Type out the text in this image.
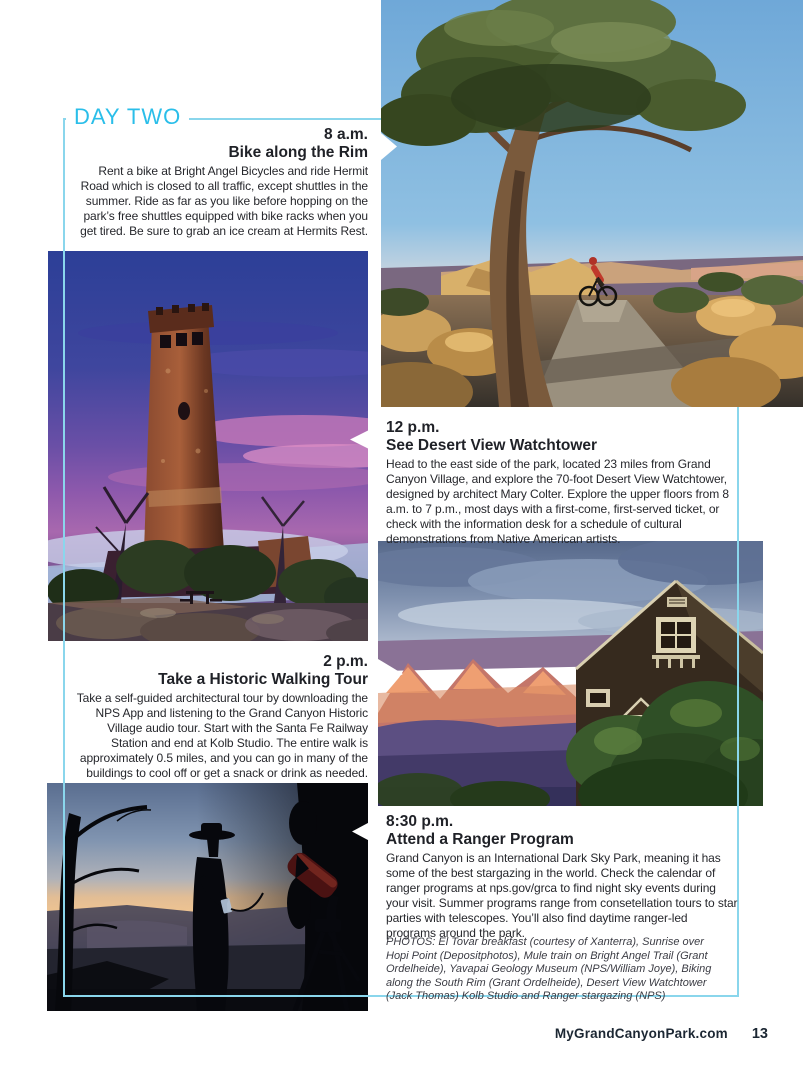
DAY TWO
8 a.m.
Bike along the Rim
Rent a bike at Bright Angel Bicycles and ride Hermit Road which is closed to all traffic, except shuttles in the summer. Ride as far as you like before hopping on the park’s free shuttles equipped with bike racks when you get tired. Be sure to grab an ice cream at Hermits Rest.
12 p.m.
See Desert View Watchtower
Head to the east side of the park, located 23 miles from Grand Canyon Village, and explore the 70-foot Desert View Watchtower, designed by architect Mary Colter. Explore the upper floors from 8 a.m. to 7 p.m., most days with a first-come, first-served ticket, or check with the information desk for a schedule of cultural demonstrations from Native American artists.
2 p.m.
Take a Historic Walking Tour
Take a self-guided architectural tour by downloading the NPS App and listening to the Grand Canyon Historic Village audio tour. Start with the Santa Fe Railway Station and end at Kolb Studio. The entire walk is approximately 0.5 miles, and you can go in many of the buildings to cool off or get a snack or drink as needed.
8:30 p.m.
Attend a Ranger Program
Grand Canyon is an International Dark Sky Park, meaning it has some of the best stargazing in the world. Check the calendar of ranger programs at nps.gov/grca to find night sky events during your visit. Summer programs range from consetellation tours to star parties with telescopes. You’ll also find daytime ranger-led programs around the park.
PHOTOS: El Tovar breakfast (courtesy of Xanterra), Sunrise over Hopi Point (Depositphotos), Mule train on Bright Angel Trail (Grant Ordelheide), Yavapai Geology Museum (NPS/William Joye), Biking along the South Rim (Grant Ordelheide), Desert View Watchtower (Jack Thomas) Kolb Studio and Ranger stargazing (NPS)
MyGrandCanyonPark.com 13
